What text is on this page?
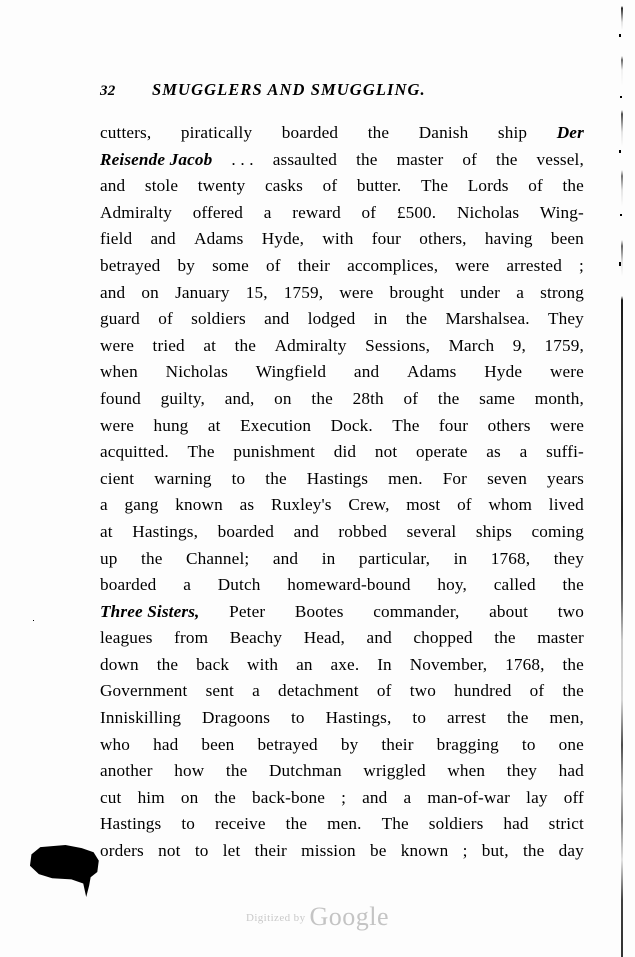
32	SMUGGLERS AND SMUGGLING.
cutters, piratically boarded the Danish ship Der
Reisende Jacob . . . assaulted the master of the vessel,
and stole twenty casks of butter. The Lords of the
Admiralty offered a reward of £500. Nicholas Wing-
field and Adams Hyde, with four others, having been
betrayed by some of their accomplices, were arrested ;
and on January 15, 1759, were brought under a strong
guard of soldiers and lodged in the Marshalsea. They
were tried at the Admiralty Sessions, March 9, 1759,
when Nicholas Wingfield and Adams Hyde were
found guilty, and, on the 28th of the same month,
were hung at Execution Dock. The four others were
acquitted. The punishment did not operate as a suffi-
cient warning to the Hastings men. For seven years
a gang known as Ruxley's Crew, most of whom lived
at Hastings, boarded and robbed several ships coming
up the Channel; and in particular, in 1768, they
boarded a Dutch homeward-bound hoy, called the
Three Sisters, Peter Bootes commander, about two
leagues from Beachy Head, and chopped the master
down the back with an axe. In November, 1768, the
Government sent a detachment of two hundred of the
Inniskilling Dragoons to Hastings, to arrest the men,
who had been betrayed by their bragging to one
another how the Dutchman wriggled when they had
cut him on the back-bone ; and a man-of-war lay off
Hastings to receive the men. The soldiers had strict
orders not to let their mission be known ; but, the day
$^{Digitized by}$ Google
